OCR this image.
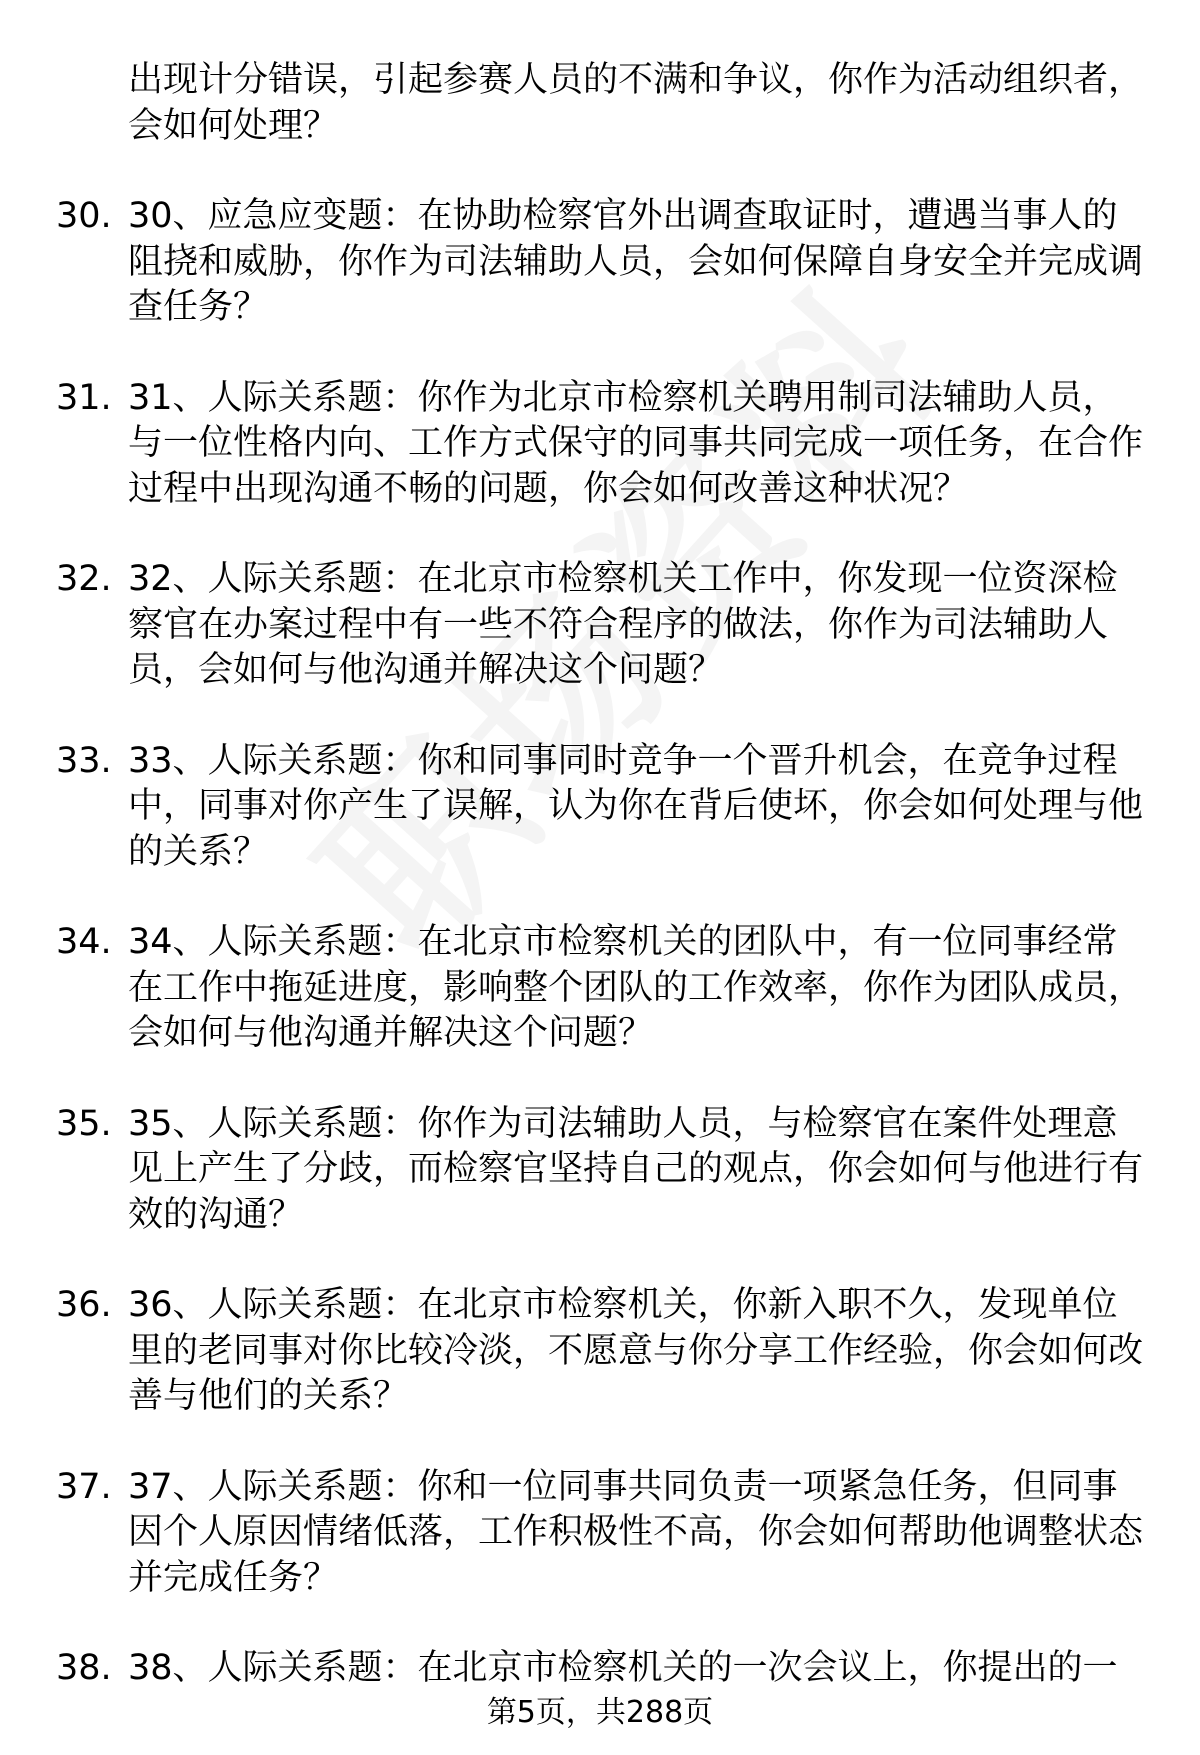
出现计分错误，引起参赛人员的不满和争议，你作为活动组织者，会如何处理？
30. 30、应急应变题：在协助检察官外出调查取证时，遭遇当事人的阻挠和威胁，你作为司法辅助人员，会如何保障自身安全并完成调查任务？
31. 31、人际关系题：你作为北京市检察机关聘用制司法辅助人员，与一位性格内向、工作方式保守的同事共同完成一项任务，在合作过程中出现沟通不畅的问题，你会如何改善这种状况？
32. 32、人际关系题：在北京市检察机关工作中，你发现一位资深检察官在办案过程中有一些不符合程序的做法，你作为司法辅助人员，会如何与他沟通并解决这个问题？
33. 33、人际关系题：你和同事同时竞争一个晋升机会，在竞争过程中，同事对你产生了误解，认为你在背后使坏，你会如何处理与他的关系？
34. 34、人际关系题：在北京市检察机关的团队中，有一位同事经常在工作中拖延进度，影响整个团队的工作效率，你作为团队成员，会如何与他沟通并解决这个问题？
35. 35、人际关系题：你作为司法辅助人员，与检察官在案件处理意见上产生了分歧，而检察官坚持自己的观点，你会如何与他进行有效的沟通？
36. 36、人际关系题：在北京市检察机关，你新入职不久，发现单位里的老同事对你比较冷淡，不愿意与你分享工作经验，你会如何改善与他们的关系？
37. 37、人际关系题：你和一位同事共同负责一项紧急任务，但同事因个人原因情绪低落，工作积极性不高，你会如何帮助他调整状态并完成任务？
38. 38、人际关系题：在北京市检察机关的一次会议上，你提出的一
第5页，共288页
